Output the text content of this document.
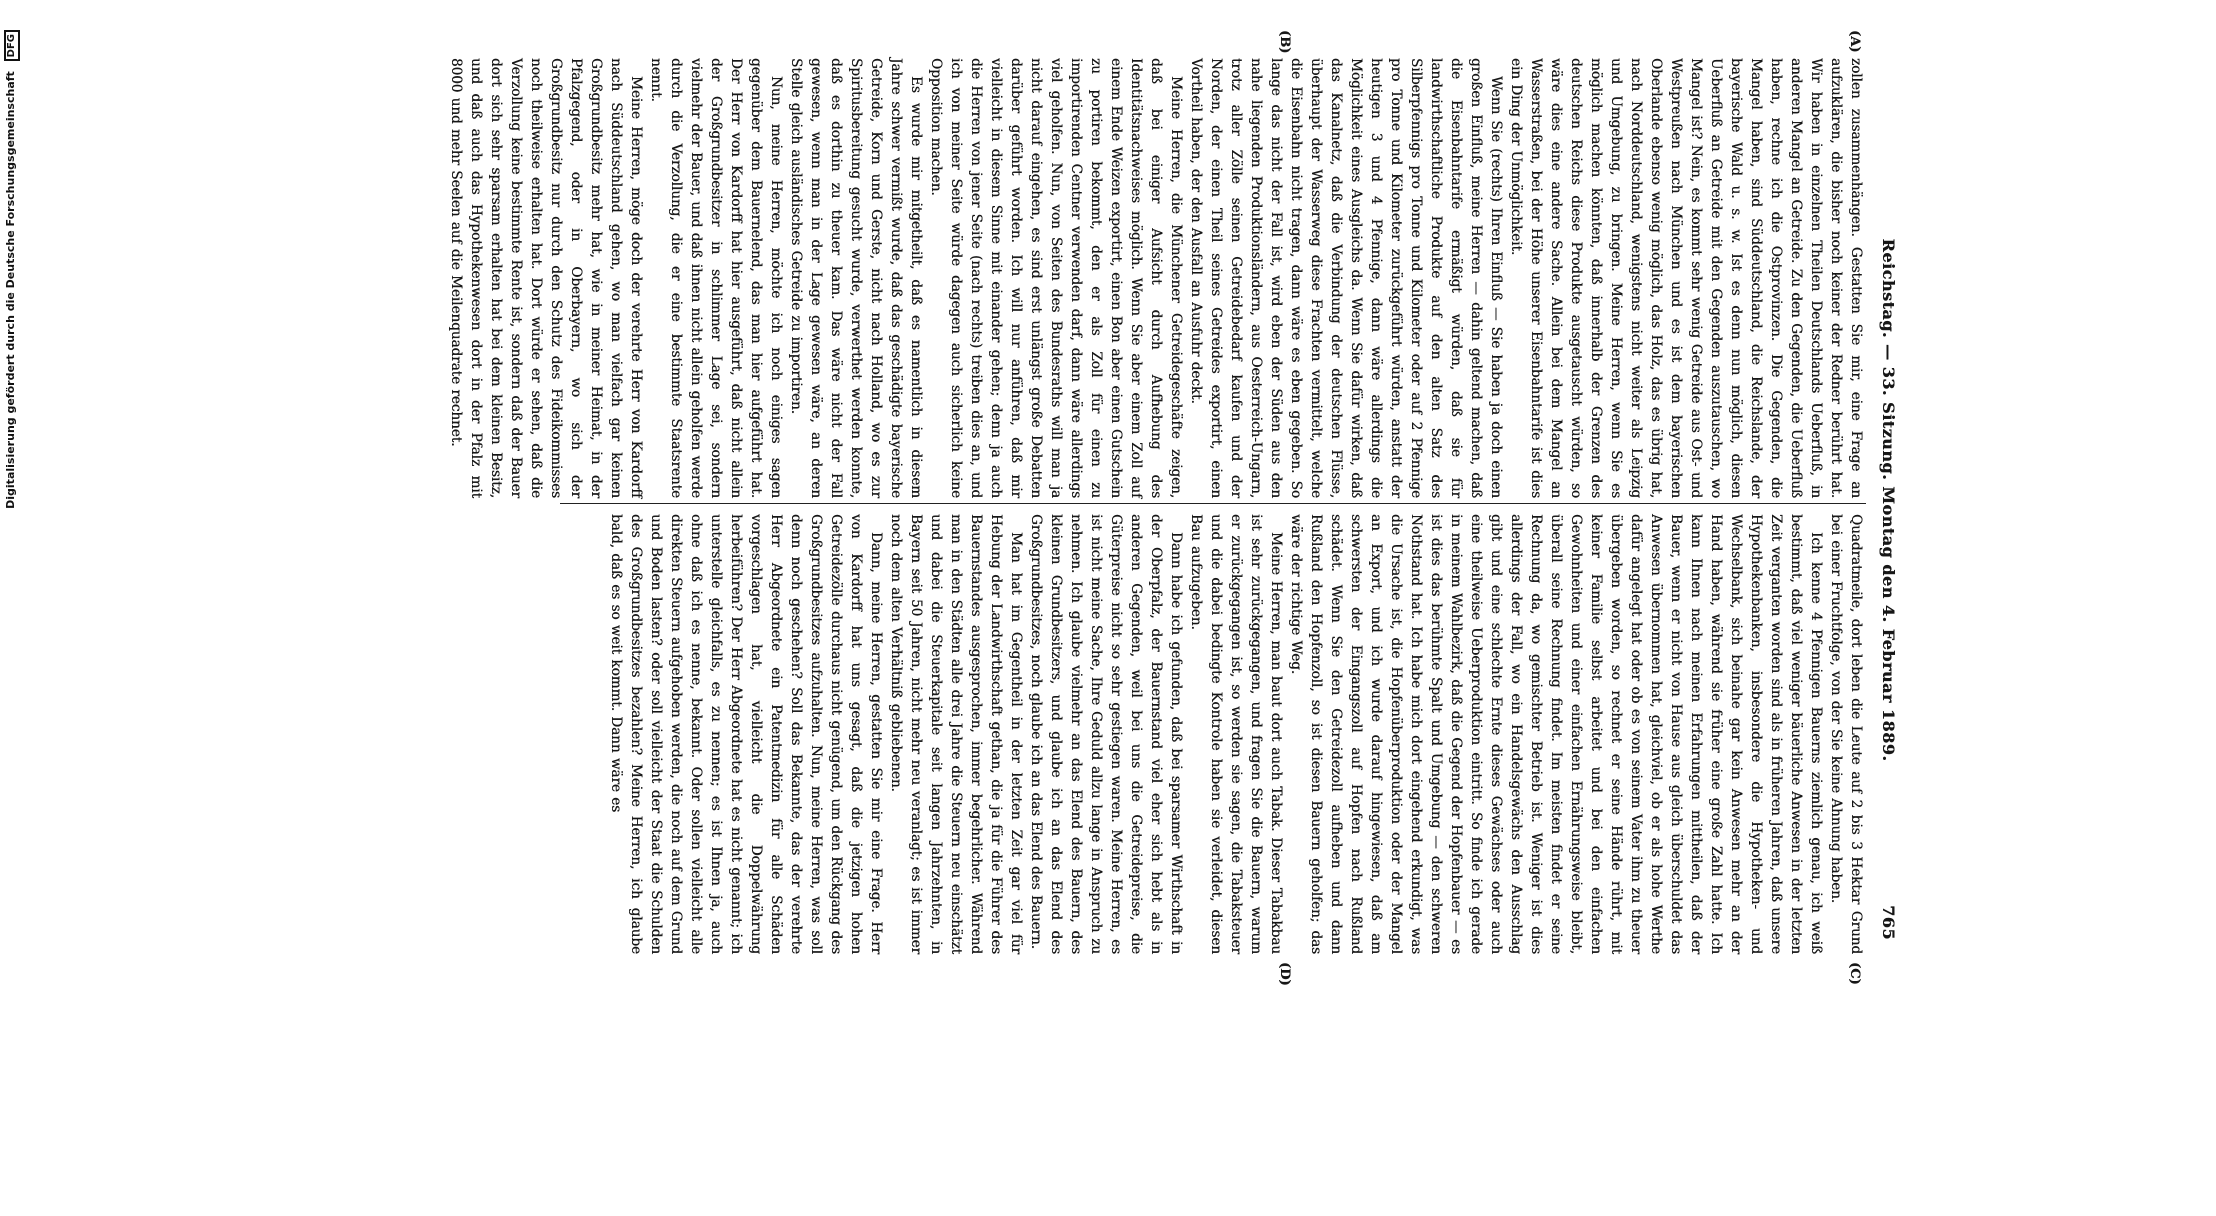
Digitalisierung gefördert durch die Deutsche Forschungsgemeinschaft DFG
Reichstag. — 33. Sitzung. Montag den 4. Februar 1889.
765
(A)
(B)
(C)
(D)

zollen zusammenhängen. Gestatten Sie mir, eine Frage an aufzuklären, die bisher noch keiner der Redner berührt hat. Wir haben in einzelnen Theilen Deutschlands Ueberfluß, in anderen Mangel an Getreide. Zu den Gegenden, die Ueberfluß haben, rechne ich die Ostprovinzen. Die Gegenden, die Mangel haben, sind Süddeutschland, die Reichslande, der bayerische Wald u. s. w. Ist es denn nun möglich, diesen Ueberfluß an Getreide mit den Gegenden auszutauschen, wo Mangel ist? Nein, es kommt sehr wenig Getreide aus Ost- und Westpreußen nach München und es ist dem bayerischen Oberlande ebenso wenig möglich, das Holz, das es übrig hat, nach Norddeutschland, wenigstens nicht weiter als Leipzig und Umgebung, zu bringen. Meine Herren, wenn Sie es möglich machen könnten, daß innerhalb der Grenzen des deutschen Reichs diese Produkte ausgetauscht würden, so wäre dies eine andere Sache. Allein bei dem Mangel an Wasserstraßen, bei der Höhe unserer Eisenbahntarife ist dies ein Ding der Unmöglichkeit.

Wenn Sie (rechts) Ihren Einfluß — Sie haben ja doch einen großen Einfluß, meine Herren — dahin geltend machen, daß die Eisenbahntarife ermäßigt würden, daß sie für landwirthschaftliche Produkte auf den alten Satz des Silberpfennigs pro Tonne und Kilometer oder auf 2 Pfennige pro Tonne und Kilometer zurückgeführt würden, anstatt der heutigen 3 und 4 Pfennige, dann wäre allerdings die Möglichkeit eines Ausgleichs da. Wenn Sie dafür wirken, daß das Kanalnetz, daß die Verbindung der deutschen Flüsse, überhaupt der Wasserweg diese Frachten vermittelt, welche die Eisenbahn nicht tragen, dann wäre es eben gegeben. So lange das nicht der Fall ist, wird eben der Süden aus den nahe liegenden Produktionsländern, aus Oesterreich-Ungarn, trotz aller Zölle seinen Getreidebedarf kaufen und der Norden, der einen Theil seines Getreides exportirt, einen Vortheil haben, der den Ausfall an Ausfuhr deckt.

Meine Herren, die Münchener Getreidegeschäfte zeigen, daß bei einiger Aufsicht durch Aufhebung des Identitätsnachweises möglich. Wenn Sie aber einem Zoll auf einem Ende Weizen exportirt, einen Bon aber einen Gutschein zu portiren bekommt, den er als Zoll für einen zu importirenden Centner verwenden darf, dann wäre allerdings viel geholfen. Nun, von Seiten des Bundesraths will man ja nicht darauf eingehen, es sind erst unlängst große Debatten darüber geführt worden. Ich will nur anführen, daß mir vielleicht in diesem Sinne mit einander gehen; denn ja auch die Herren von jener Seite (nach rechts) treiben dies an, und ich von meiner Seite würde dagegen auch sicherlich keine Opposition machen.

Es wurde mir mitgetheilt, daß es namentlich in diesem Jahre schwer vermißt wurde, daß das geschädigte bayerische Getreide, Korn und Gerste, nicht nach Holland, wo es zur Spiritusbereitung gesucht wurde, verwerthet werden konnte, daß es dorthin zu theuer kam. Das wäre nicht der Fall gewesen, wenn man in der Lage gewesen wäre, an deren Stelle gleich ausländisches Getreide zu importiren.

Nun, meine Herren, möchte ich noch einiges sagen gegenüber dem Bauernelend, das man hier aufgeführt hat. Der Herr von Kardorff hat hier ausgeführt, daß nicht allein der Großgrundbesitzer in schlimmer Lage sei, sondern vielmehr der Bauer, und daß ihnen nicht allein geholfen werde durch die Verzollung, die er eine bestimmte Staatsrente nennt.

Meine Herren, möge doch der verehrte Herr von Kardorff nach Süddeutschland gehen, wo man vielfach gar keinen Großgrundbesitz mehr hat, wie in meiner Heimat, in der Pfalzgegend, oder in Oberbayern, wo sich der Großgrundbesitz nur durch den Schutz des Fideikommisses noch theilweise erhalten hat. Dort würde er sehen, daß die Verzollung keine bestimmte Rente ist, sondern daß der Bauer dort sich sehr sparsam erhalten hat bei dem kleinen Besitz, und daß auch das Hypothekenwesen dort in der Pfalz mit 8000 und mehr Seelen auf die Meilenquadrate rechnet.

Quadratmeile, dort leben die Leute auf 2 bis 3 Hektar Grund bei einer Fruchtfolge, von der Sie keine Ahnung haben.

Ich kenne 4 Pfennigen Bauerns ziemlich genau, ich weiß bestimmt, daß viel weniger bäuerliche Anwesen in der letzten Zeit verganten worden sind als in früheren Jahren, daß unsere Hypothekenbanken, insbesondere die Hypotheken- und Wechselbank, sich beinahe gar kein Anwesen mehr an der Hand haben, während sie früher eine große Zahl hatte. Ich kann Ihnen nach meinen Erfahrungen mittheilen, daß der Bauer, wenn er nicht von Hause aus gleich überschuldet das Anwesen übernommen hat, gleichviel, ob er als hohe Werthe dafür angelegt hat oder ob es von seinem Vater ihm zu theuer übergeben worden, so rechnet er seine Hände rührt, mit keiner Familie selbst arbeitet und bei den einfachen Gewohnheiten und einer einfachen Ernährungsweise bleibt, überall seine Rechnung findet. Im meisten findet er seine Rechnung da, wo gemischter Betrieb ist. Weniger ist dies allerdings der Fall, wo ein Handelsgewächs den Ausschlag gibt und eine schlechte Ernte dieses Gewächses oder auch eine theilweise Ueberproduktion eintritt. So finde ich gerade in meinem Wahlbezirk, daß die Gegend der Hopfenbauer — es ist dies das berühmte Spalt und Umgebung — den schweren Nothstand hat. Ich habe mich dort eingehend erkundigt, was die Ursache ist, die Hopfenüberproduktion oder der Mangel an Export, und ich wurde darauf hingewiesen, daß am schwersten der Eingangszoll auf Hopfen nach Rußland schädet. Wenn Sie den Getreidezoll aufheben und dann Rußland den Hopfenzoll, so ist diesen Bauern geholfen; das wäre der richtige Weg.

Meine Herren, man baut dort auch Tabak. Dieser Tabakbau ist sehr zurückgegangen, und fragen Sie die Bauern, warum er zurückgegangen ist, so werden sie sagen, die Tabaksteuer und die dabei bedingte Kontrole haben sie verleidet, diesen Bau aufzugeben.

Dann habe ich gefunden, daß bei sparsamer Wirthschaft in der Oberpfalz, der Bauernstand viel eher sich hebt als in anderen Gegenden, weil bei uns die Getreidepreise, die Güterpreise nicht so sehr gestiegen waren. Meine Herren, es ist nicht meine Sache, Ihre Geduld allzu lange in Anspruch zu nehmen. Ich glaube vielmehr an das Elend des Bauern, des kleinen Grundbesitzers, und glaube ich an das Elend des Großgrundbesitzes, noch glaube ich an das Elend des Bauern.

Man hat im Gegentheil in der letzten Zeit gar viel für Hebung der Landwirthschaft gethan, die ja für die Führer des Bauernstandes ausgesprochen, immer begehrlicher. Während man in den Städten alle drei Jahre die Steuern neu einschätzt und dabei die Steuerkapitale seit langen Jahrzehnten, in Bayern seit 50 Jahren, nicht mehr neu veranlagt; es ist immer noch dem alten Verhältniß gebliebenen.

Dann, meine Herren, gestatten Sie mir eine Frage. Herr von Kardorff hat uns gesagt, daß die jetzigen hohen Getreidezölle durchaus nicht genügend, um den Rückgang des Großgrundbesitzes aufzuhalten. Nun, meine Herren, was soll denn noch geschehen? Soll das Bekannte, das der verehrte Herr Abgeordnete ein Patentmedizin für alle Schäden vorgeschlagen hat, vielleicht die Doppelwährung herbeiführen? Der Herr Abgeordnete hat es nicht genannt; ich unterstelle gleichfalls, es zu nennen; es ist Ihnen ja, auch ohne daß ich es nenne, bekannt. Oder sollen vielleicht alle direkten Steuern aufgehoben werden, die noch auf dem Grund und Boden lasten? oder soll vielleicht der Staat die Schulden des Großgrundbesitzes bezahlen? Meine Herren, ich glaube bald, daß es so weit kommt. Dann wäre es
